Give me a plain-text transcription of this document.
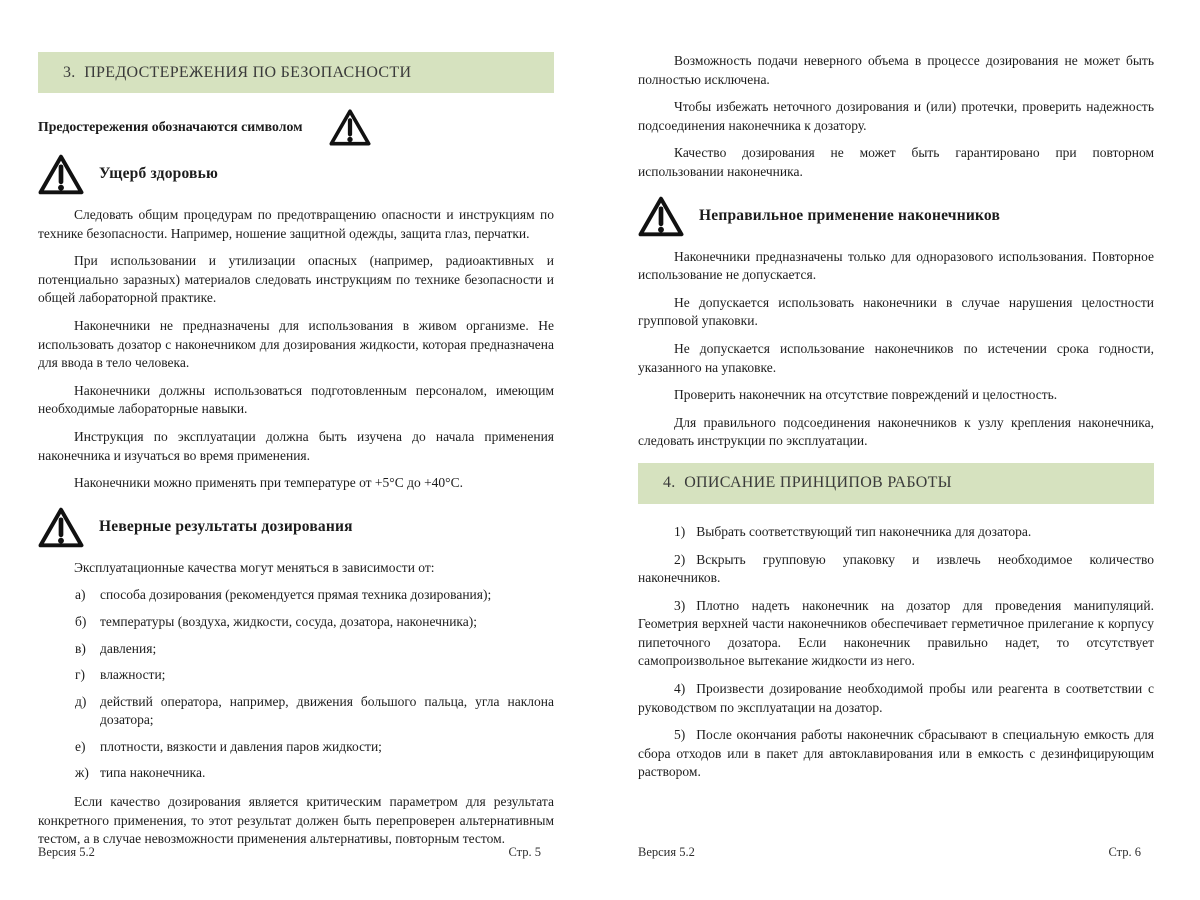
3.  ПРЕДОСТЕРЕЖЕНИЯ ПО БЕЗОПАСНОСТИ
Предостережения обозначаются символом
Ущерб здоровью

Следовать общим процедурам по предотвращению опасности и инструкциям по технике безопасности. Например, ношение защитной одежды, защита глаз, перчатки.

При использовании и утилизации опасных (например, радиоактивных и потенциально заразных) материалов следовать инструкциям по технике безопасности и общей лабораторной практике.

Наконечники не предназначены для использования в живом организме. Не использовать дозатор с наконечником для дозирования жидкости, которая предназначена для ввода в тело человека.

Наконечники должны использоваться подготовленным персоналом, имеющим необходимые лабораторные навыки.

Инструкция по эксплуатации должна быть изучена до начала применения наконечника и изучаться во время применения.

Наконечники можно применять при температуре от +5°С до +40°С.

Неверные результаты дозирования

Эксплуатационные качества могут меняться в зависимости от:

а) способа дозирования (рекомендуется прямая техника дозирования);
б) температуры (воздуха, жидкости, сосуда, дозатора, наконечника);
в) давления;
г) влажности;
д) действий оператора, например, движения большого пальца, угла наклона дозатора;
е) плотности, вязкости и давления паров жидкости;
ж) типа наконечника.

Если качество дозирования является критическим параметром для результата конкретного применения, то этот результат должен быть перепроверен альтернативным тестом, а в случае невозможности применения альтернативы, повторным тестом.

Версия 5.2	Стр. 5

Возможность подачи неверного объема в процессе дозирования не может быть полностью исключена.

Чтобы избежать неточного дозирования и (или) протечки, проверить надежность подсоединения наконечника к дозатору.

Качество дозирования не может быть гарантировано при повторном использовании наконечника.

Неправильное применение наконечников

Наконечники предназначены только для одноразового использования. Повторное использование не допускается.

Не допускается использовать наконечники в случае нарушения целостности групповой упаковки.

Не допускается использование наконечников по истечении срока годности, указанного на упаковке.

Проверить наконечник на отсутствие повреждений и целостность.

Для правильного подсоединения наконечников к узлу крепления наконечника, следовать инструкции по эксплуатации.

4.  ОПИСАНИЕ ПРИНЦИПОВ РАБОТЫ

1) Выбрать соответствующий тип наконечника для дозатора.

2) Вскрыть групповую упаковку и извлечь необходимое количество наконечников.

3) Плотно надеть наконечник на дозатор для проведения манипуляций. Геометрия верхней части наконечников обеспечивает герметичное прилегание к корпусу пипеточного дозатора. Если наконечник правильно надет, то отсутствует самопроизвольное вытекание жидкости из него.

4) Произвести дозирование необходимой пробы или реагента в соответствии с руководством по эксплуатации на дозатор.

5) После окончания работы наконечник сбрасывают в специальную емкость для сбора отходов или в пакет для автоклавирования или в емкость с дезинфицирующим раствором.

Версия 5.2	Стр. 6
